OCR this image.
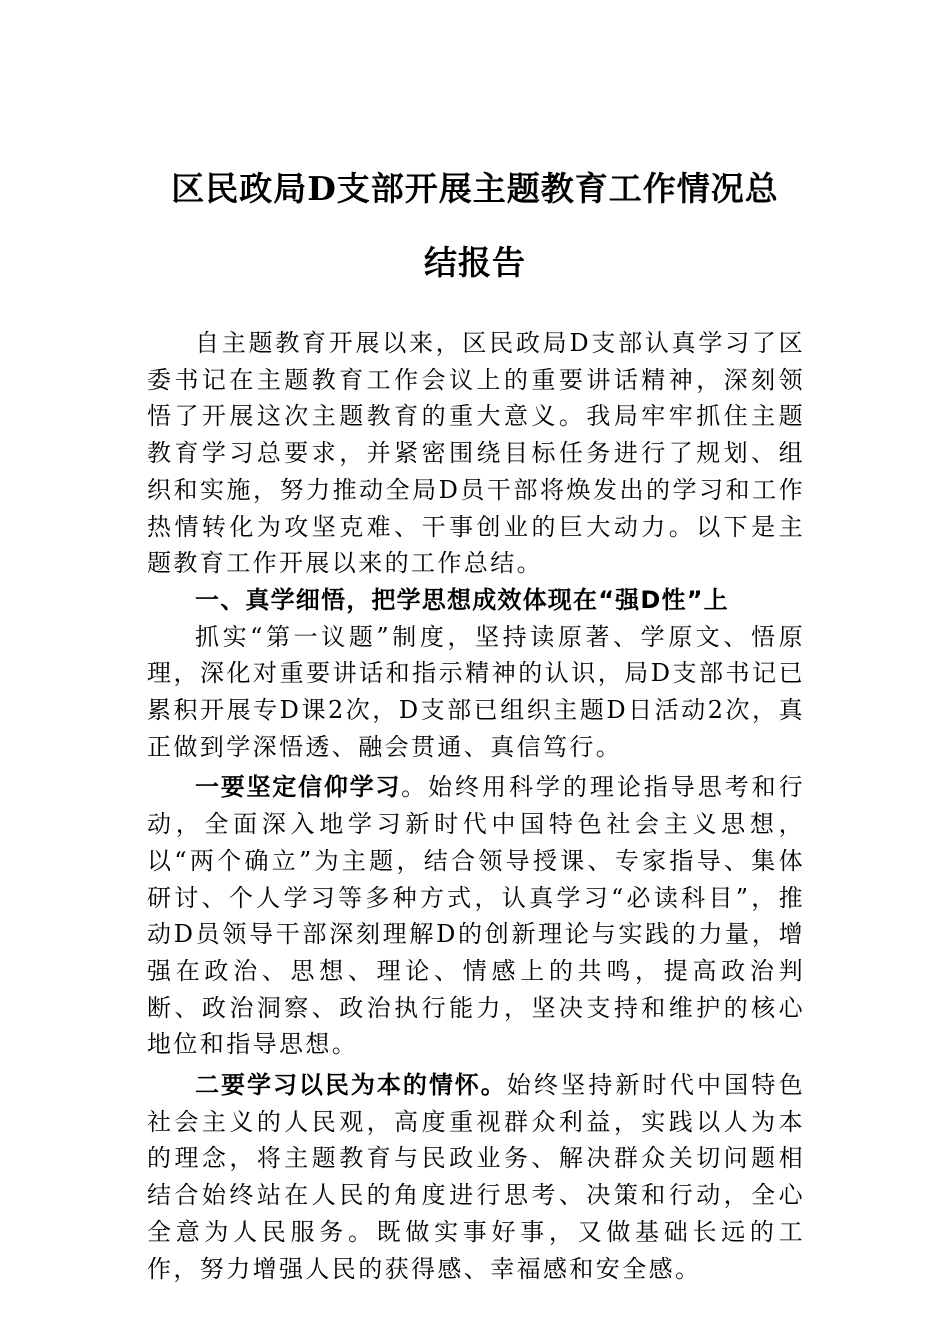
区民政局D支部开展主题教育工作情况总
结报告

自主题教育开展以来，区民政局D支部认真学习了区委书记在主题教育工作会议上的重要讲话精神，深刻领悟了开展这次主题教育的重大意义。我局牢牢抓住主题教育学习总要求，并紧密围绕目标任务进行了规划、组织和实施，努力推动全局D员干部将焕发出的学习和工作热情转化为攻坚克难、干事创业的巨大动力。以下是主题教育工作开展以来的工作总结。

一、真学细悟，把学思想成效体现在“强D性”上

抓实“第一议题”制度，坚持读原著、学原文、悟原理，深化对重要讲话和指示精神的认识，局D支部书记已累积开展专D课2次，D支部已组织主题D日活动2次，真正做到学深悟透、融会贯通、真信笃行。

一要坚定信仰学习。始终用科学的理论指导思考和行动，全面深入地学习新时代中国特色社会主义思想，以“两个确立”为主题，结合领导授课、专家指导、集体研讨、个人学习等多种方式，认真学习“必读科目”，推动D员领导干部深刻理解D的创新理论与实践的力量，增强在政治、思想、理论、情感上的共鸣，提高政治判断、政治洞察、政治执行能力，坚决支持和维护的核心地位和指导思想。

二要学习以民为本的情怀。始终坚持新时代中国特色社会主义的人民观，高度重视群众利益，实践以人为本的理念，将主题教育与民政业务、解决群众关切问题相结合始终站在人民的角度进行思考、决策和行动，全心全意为人民服务。既做实事好事，又做基础长远的工作，努力增强人民的获得感、幸福感和安全感。
